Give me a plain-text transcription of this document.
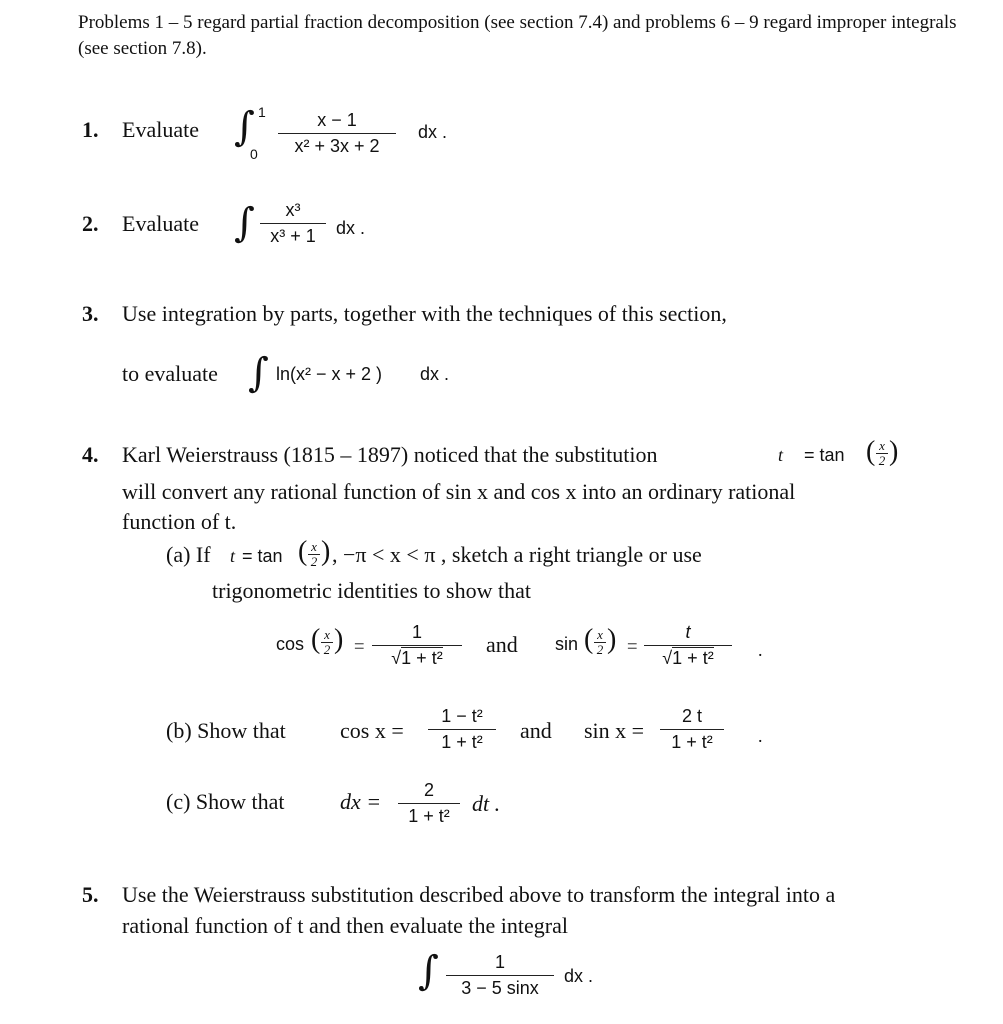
Problems 1 – 5 regard partial fraction decomposition (see section 7.4) and problems 6 – 9 regard improper integrals (see section 7.8).
1. Evaluate ∫ 1
0
x − 1
x² + 3x + 2
dx .
2. Evaluate ∫	x³
x³ + 1	dx .
3. Use integration by parts, together with the techniques of this section,
to evaluate ∫ ln(x² − x + 2 ) dx .
4. Karl Weierstrauss (1815 – 1897) noticed that the substitution	t = tan ( x
2 )
will convert any rational function of sin x and cos x into an ordinary rational
function of t.
(a) If t = tan ( x
2 ) , −π < x < π , sketch a right triangle or use
trigonometric identities to show that
cos ( x
2 ) =
1
√1 + t²
and sin ( x
2 ) =
t
√1 + t²	.
(b) Show that cos x =
1 − t²
1 + t²	and sin x =
2 t
1 + t²	.
(c) Show that	dx =	2
1 + t²	dt .
5. Use the Weierstrauss substitution described above to transform the integral into a
rational function of t and then evaluate the integral
∫	1
3 − 5 sinx
dx .
